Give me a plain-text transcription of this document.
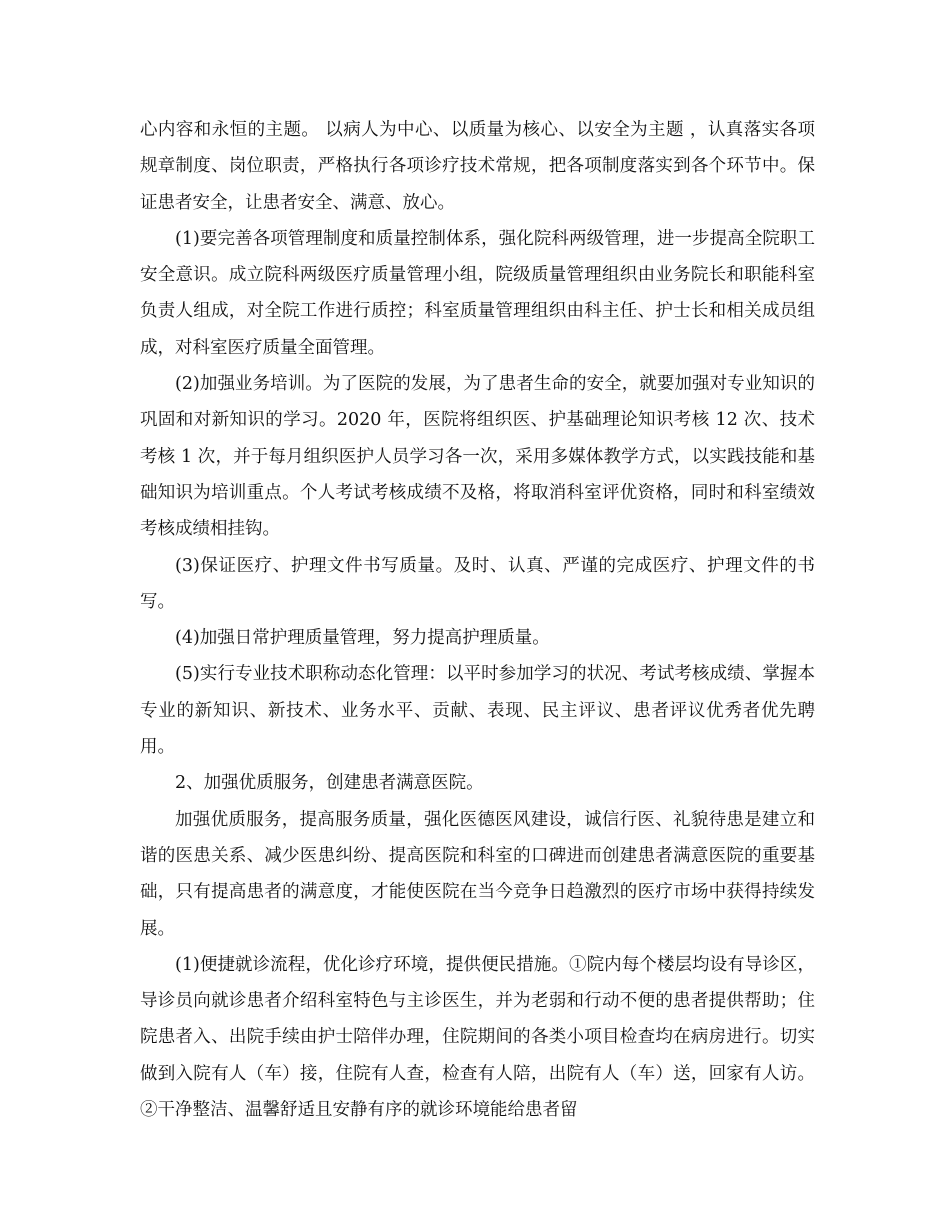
心内容和永恒的主题。 以病人为中心、以质量为核心、以安全为主题 ，认真落实各项规章制度、岗位职责，严格执行各项诊疗技术常规，把各项制度落实到各个环节中。保证患者安全，让患者安全、满意、放心。

(1)要完善各项管理制度和质量控制体系，强化院科两级管理，进一步提高全院职工安全意识。成立院科两级医疗质量管理小组，院级质量管理组织由业务院长和职能科室负责人组成，对全院工作进行质控；科室质量管理组织由科主任、护士长和相关成员组成，对科室医疗质量全面管理。

(2)加强业务培训。为了医院的发展，为了患者生命的安全，就要加强对专业知识的巩固和对新知识的学习。2020 年，医院将组织医、护基础理论知识考核 12 次、技术考核 1 次，并于每月组织医护人员学习各一次，采用多媒体教学方式，以实践技能和基础知识为培训重点。个人考试考核成绩不及格，将取消科室评优资格，同时和科室绩效考核成绩相挂钩。

(3)保证医疗、护理文件书写质量。及时、认真、严谨的完成医疗、护理文件的书写。

(4)加强日常护理质量管理，努力提高护理质量。

(5)实行专业技术职称动态化管理：以平时参加学习的状况、考试考核成绩、掌握本专业的新知识、新技术、业务水平、贡献、表现、民主评议、患者评议优秀者优先聘用。

2、加强优质服务，创建患者满意医院。

加强优质服务，提高服务质量，强化医德医风建设，诚信行医、礼貌待患是建立和谐的医患关系、减少医患纠纷、提高医院和科室的口碑进而创建患者满意医院的重要基础，只有提高患者的满意度，才能使医院在当今竞争日趋激烈的医疗市场中获得持续发展。

(1)便捷就诊流程，优化诊疗环境，提供便民措施。①院内每个楼层均设有导诊区，导诊员向就诊患者介绍科室特色与主诊医生，并为老弱和行动不便的患者提供帮助；住院患者入、出院手续由护士陪伴办理，住院期间的各类小项目检查均在病房进行。切实做到入院有人（车）接，住院有人查，检查有人陪，出院有人（车）送，回家有人访。②干净整洁、温馨舒适且安静有序的就诊环境能给患者留
